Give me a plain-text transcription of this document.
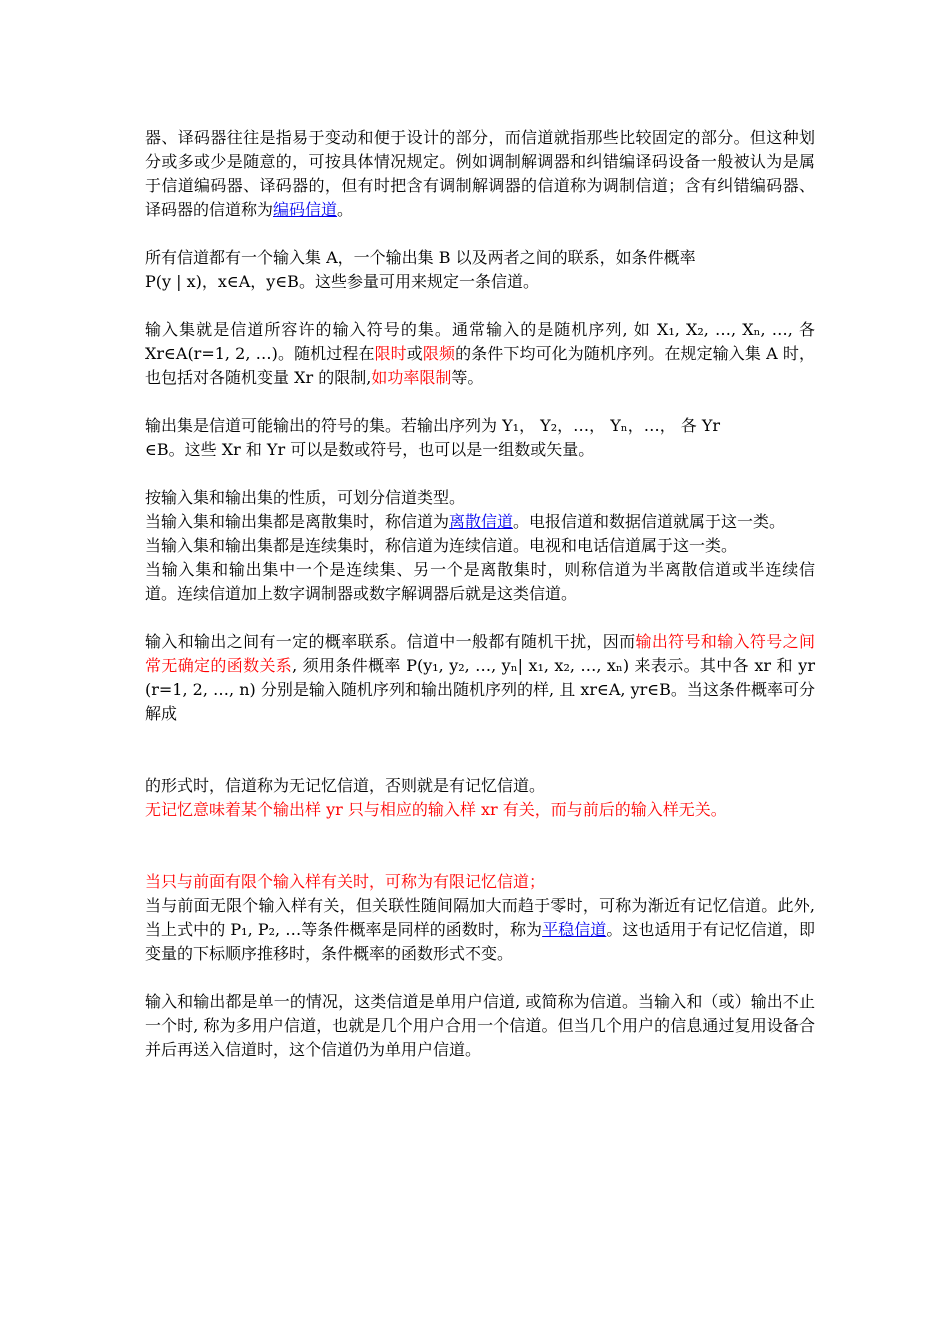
器、译码器往往是指易于变动和便于设计的部分，而信道就指那些比较固定的部分。但这种划分或多或少是随意的，可按具体情况规定。例如调制解调器和纠错编译码设备一般被认为是属于信道编码器、译码器的，但有时把含有调制解调器的信道称为调制信道；含有纠错编码器、译码器的信道称为编码信道。

所有信道都有一个输入集 A，一个输出集 B 以及两者之间的联系，如条件概率
P(y | x)，x∈A，y∈B。这些参量可用来规定一条信道。

输入集就是信道所容许的输入符号的集。通常输入的是随机序列, 如 X₁, X₂, …, Xₙ, …, 各 Xr∈A(r=1, 2, …)。随机过程在限时或限频的条件下均可化为随机序列。在规定输入集 A 时，也包括对各随机变量 Xr 的限制,如功率限制等。

输出集是信道可能输出的符号的集。若输出序列为 Y₁， Y₂，…， Yₙ，…， 各 Yr
∈B。这些 Xr 和 Yr 可以是数或符号，也可以是一组数或矢量。

按输入集和输出集的性质，可划分信道类型。

当输入集和输出集都是离散集时，称信道为离散信道。电报信道和数据信道就属于这一类。

当输入集和输出集都是连续集时，称信道为连续信道。电视和电话信道属于这一类。

当输入集和输出集中一个是连续集、另一个是离散集时，则称信道为半离散信道或半连续信道。连续信道加上数字调制器或数字解调器后就是这类信道。

输入和输出之间有一定的概率联系。信道中一般都有随机干扰，因而输出符号和输入符号之间常无确定的函数关系, 须用条件概率 P(y₁, y₂, …, yₙ| x₁, x₂, …, xₙ) 来表示。其中各 xr 和 yr (r=1, 2, …, n) 分别是输入随机序列和输出随机序列的样, 且 xr∈A, yr∈B。当这条件概率可分解成

的形式时，信道称为无记忆信道，否则就是有记忆信道。

无记忆意味着某个输出样 yr 只与相应的输入样 xr 有关，而与前后的输入样无关。

当只与前面有限个输入样有关时，可称为有限记忆信道；

当与前面无限个输入样有关，但关联性随间隔加大而趋于零时，可称为渐近有记忆信道。此外, 当上式中的 P₁, P₂, …等条件概率是同样的函数时，称为平稳信道。这也适用于有记忆信道，即变量的下标顺序推移时，条件概率的函数形式不变。

输入和输出都是单一的情况，这类信道是单用户信道, 或简称为信道。当输入和（或）输出不止一个时, 称为多用户信道，也就是几个用户合用一个信道。但当几个用户的信息通过复用设备合并后再送入信道时，这个信道仍为单用户信道。
